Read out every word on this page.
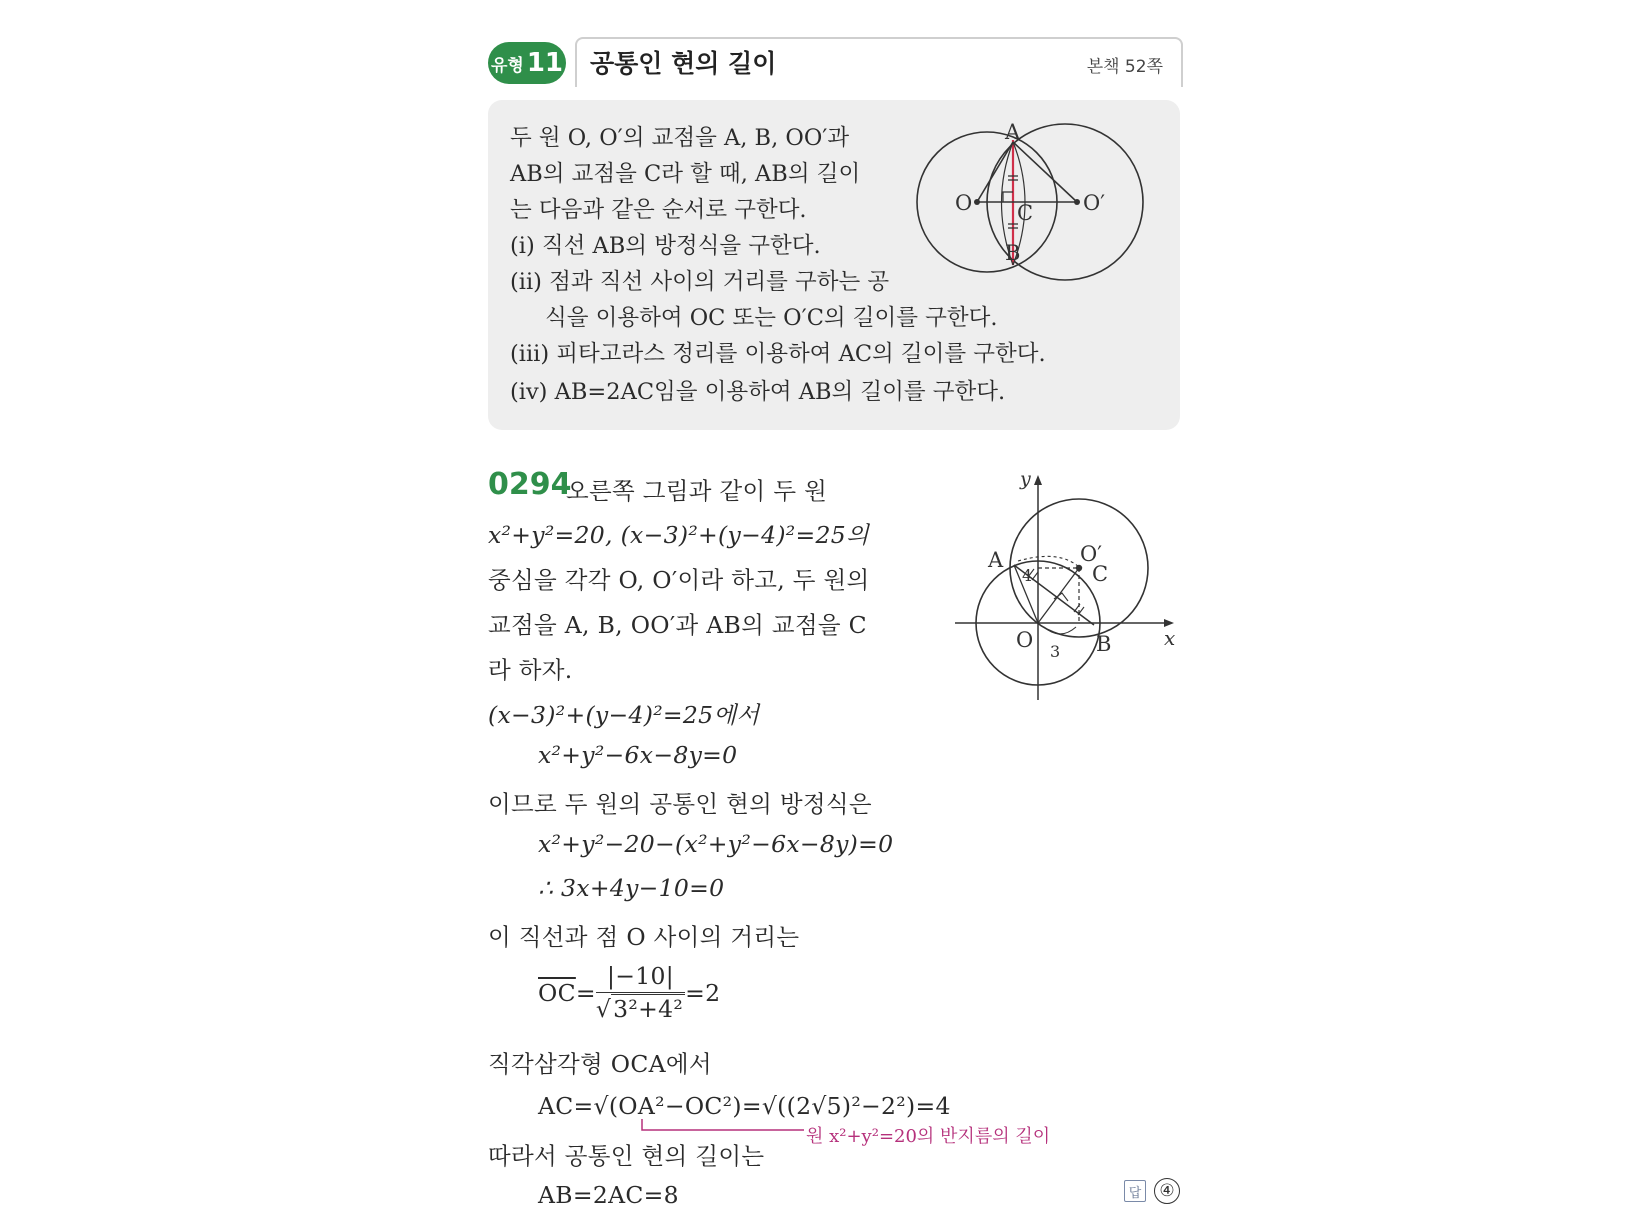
유형 11 공통인 현의 길이	본책 52쪽
두 원 O, O′의 교점을 A, B, OO′과
AB의 교점을 C라 할 때, AB의 길이
는 다음과 같은 순서로 구한다.
(i) 직선 AB의 방정식을 구한다.
(ii) 점과 직선 사이의 거리를 구하는 공
식을 이용하여 OC 또는 O′C의 길이를 구한다.
(iii) 피타고라스 정리를 이용하여 AC의 길이를 구한다.
(iv) AB=2AC임을 이용하여 AB의 길이를 구한다.
A
B
C
O	O′
0294
오른쪽 그림과 같이 두 원
x²+y²=20, (x−3)²+(y−4)²=25의
중심을 각각 O, O′이라 하고, 두 원의
교점을 A, B, OO′과 AB의 교점을 C
라 하자.
(x−3)²+(y−4)²=25에서
x²+y²−6x−8y=0
이므로 두 원의 공통인 현의 방정식은
x²+y²−20−(x²+y²−6x−8y)=0
∴ 3x+4y−10=0
이 직선과 점 O 사이의 거리는
$\overline{OC} = \frac{|-10|}{\text{√3²+4²}} =2$
직각삼각형 OCA에서
AC=√(OA²−OC²)=√((2√5)²−2²)=4
원 x²+y²=20의 반지름의 길이
따라서 공통인 현의 길이는
AB=2AC=8	답	④
y
x
A
B
C
O
O′
4
3
